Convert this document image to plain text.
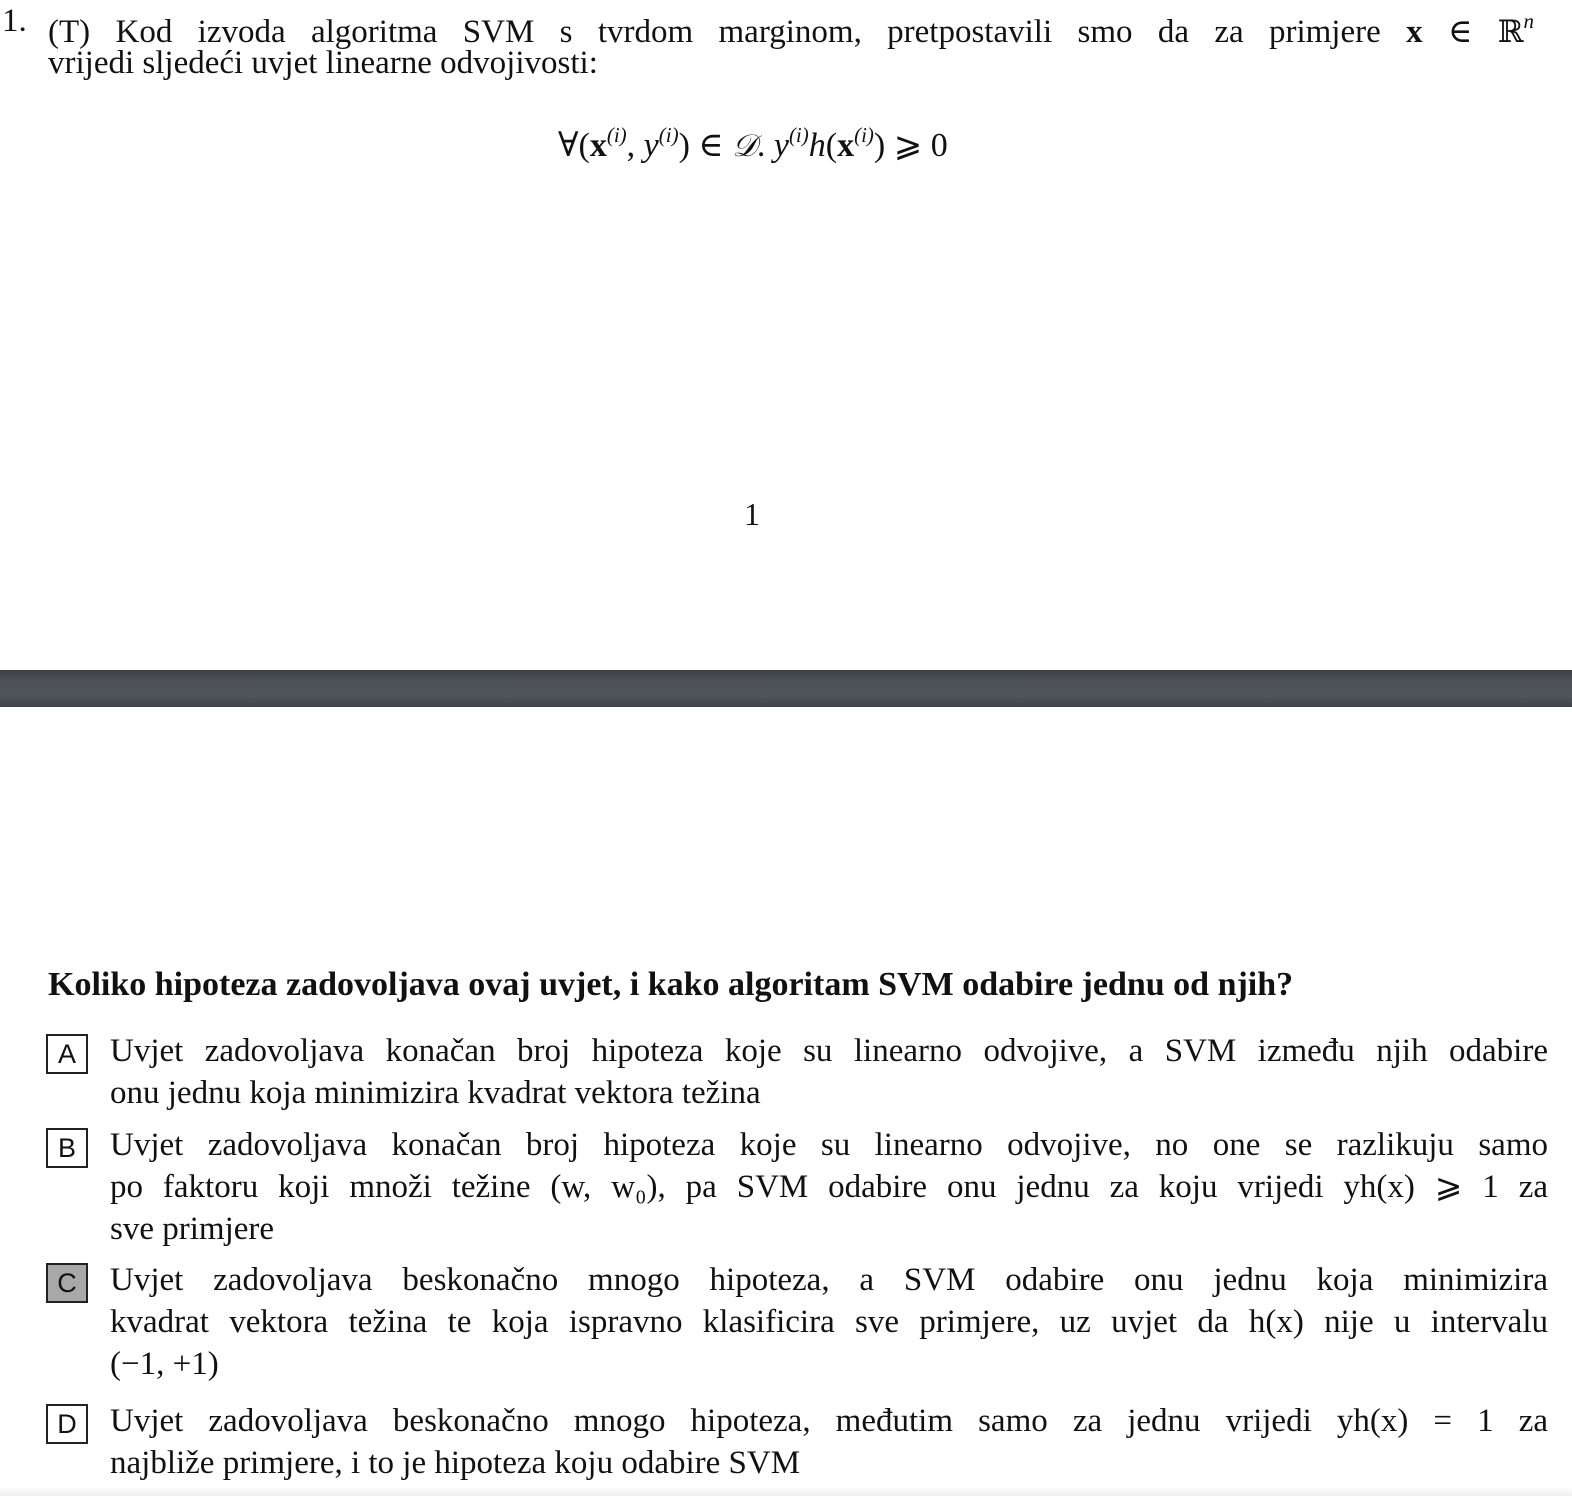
1. (T) Kod izvoda algoritma SVM s tvrdom marginom, pretpostavili smo da za primjere x ∈ ℝ$^n$
vrijedi sljedeći uvjet linearne odvojivosti:
$\forall(x^{(i)}$, $y^{(i)}$) ∈ 𝒟. $y^{(i)}h(x^{(i)})$ ⩾ 0
1
Koliko hipoteza zadovoljava ovaj uvjet, i kako algoritam SVM odabire jednu od njih?
A	Uvjet zadovoljava konačan broj hipoteza koje su linearno odvojive, a SVM između njih odabire
onu jednu koja minimizira kvadrat vektora težina
B	Uvjet zadovoljava konačan broj hipoteza koje su linearno odvojive, no one se razlikuju samo
po faktoru koji množi težine (w, w₀), pa SVM odabire onu jednu za koju vrijedi yh(x) ⩾ 1 za
sve primjere
C	Uvjet zadovoljava beskonačno mnogo hipoteza, a SVM odabire onu jednu koja minimizira
kvadrat vektora težina te koja ispravno klasificira sve primjere, uz uvjet da h(x) nije u intervalu
(−1, +1)
D	Uvjet zadovoljava beskonačno mnogo hipoteza, međutim samo za jednu vrijedi yh(x) = 1 za
najbliže primjere, i to je hipoteza koju odabire SVM
